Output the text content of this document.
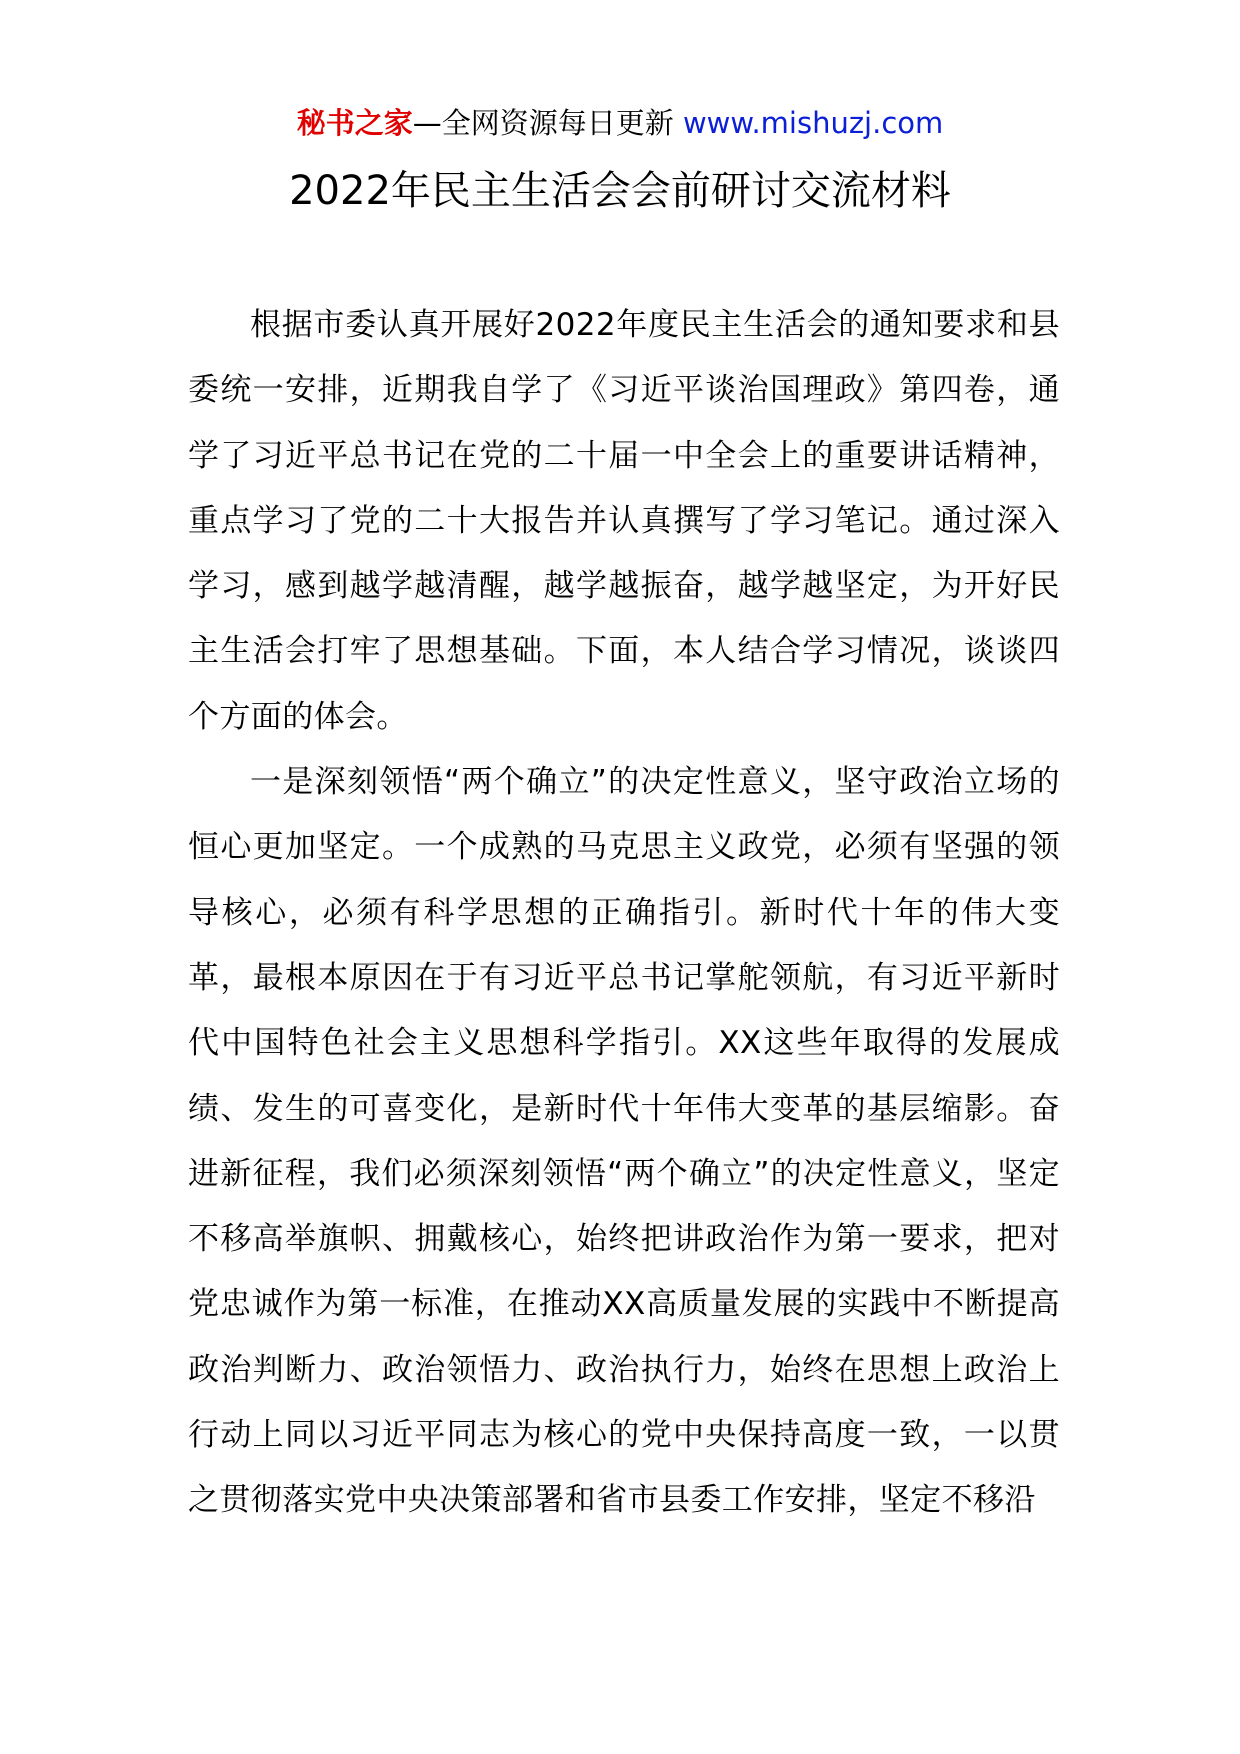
秘书之家—全网资源每日更新 www.mishuzj.com
2022年民主生活会会前研讨交流材料

根据市委认真开展好2022年度民主生活会的通知要求和县委统一安排，近期我自学了《习近平谈治国理政》第四卷，通学了习近平总书记在党的二十届一中全会上的重要讲话精神，重点学习了党的二十大报告并认真撰写了学习笔记。通过深入学习，感到越学越清醒，越学越振奋，越学越坚定，为开好民主生活会打牢了思想基础。下面，本人结合学习情况，谈谈四个方面的体会。

一是深刻领悟“两个确立”的决定性意义，坚守政治立场的恒心更加坚定。一个成熟的马克思主义政党，必须有坚强的领导核心，必须有科学思想的正确指引。新时代十年的伟大变革，最根本原因在于有习近平总书记掌舵领航，有习近平新时代中国特色社会主义思想科学指引。XX这些年取得的发展成绩、发生的可喜变化，是新时代十年伟大变革的基层缩影。奋进新征程，我们必须深刻领悟“两个确立”的决定性意义，坚定不移高举旗帜、拥戴核心，始终把讲政治作为第一要求，把对党忠诚作为第一标准，在推动XX高质量发展的实践中不断提高政治判断力、政治领悟力、政治执行力，始终在思想上政治上行动上同以习近平同志为核心的党中央保持高度一致，一以贯之贯彻落实党中央决策部署和省市县委工作安排，坚定不移沿
